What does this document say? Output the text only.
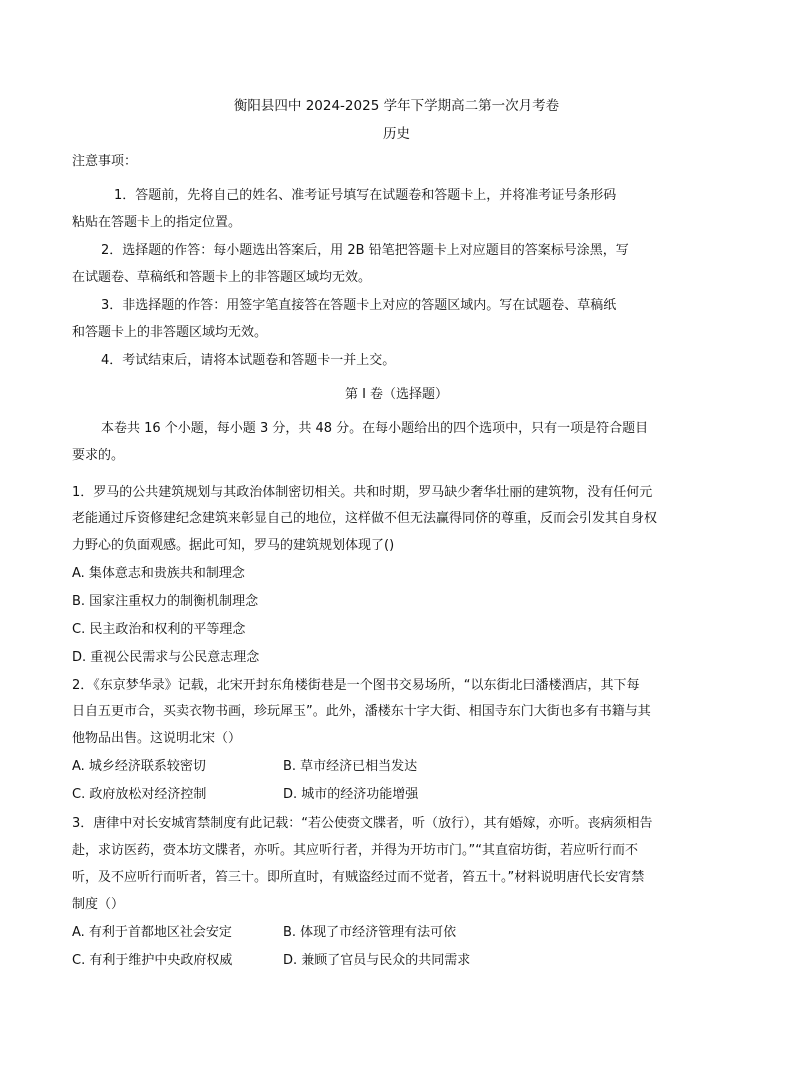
衡阳县四中 2024-2025 学年下学期高二第一次月考卷
历史
注意事项：
1．答题前，先将自己的姓名、准考证号填写在试题卷和答题卡上，并将准考证号条形码
粘贴在答题卡上的指定位置。
2．选择题的作答：每小题选出答案后，用 2B 铅笔把答题卡上对应题目的答案标号涂黑，写
在试题卷、草稿纸和答题卡上的非答题区域均无效。
3．非选择题的作答：用签字笔直接答在答题卡上对应的答题区域内。写在试题卷、草稿纸
和答题卡上的非答题区域均无效。
4．考试结束后，请将本试题卷和答题卡一并上交。
第 I 卷（选择题）
本卷共 16 个小题，每小题 3 分，共 48 分。在每小题给出的四个选项中，只有一项是符合题目
要求的。
1．罗马的公共建筑规划与其政治体制密切相关。共和时期，罗马缺少奢华壮丽的建筑物，没有任何元
老能通过斥资修建纪念建筑来彰显自己的地位，这样做不但无法赢得同侪的尊重，反而会引发其自身权
力野心的负面观感。据此可知，罗马的建筑规划体现了()
A. 集体意志和贵族共和制理念
B. 国家注重权力的制衡机制理念
C. 民主政治和权利的平等理念
D. 重视公民需求与公民意志理念
2．《东京梦华录》记载，北宋开封东角楼街巷是一个图书交易场所，“以东街北曰潘楼酒店，其下每
日自五更市合，买卖衣物书画，珍玩犀玉”。此外，潘楼东十字大街、相国寺东门大街也多有书籍与其
他物品出售。这说明北宋（）
A. 城乡经济联系较密切	B. 草市经济已相当发达
C. 政府放松对经济控制	D. 城市的经济功能增强
3．唐律中对长安城宵禁制度有此记载：“若公使赍文牒者，听（放行），其有婚嫁，亦听。丧病须相告
赴，求访医药，赍本坊文牒者，亦听。其应听行者，并得为开坊市门。”“其直宿坊街，若应听行而不
听，及不应听行而听者，笞三十。即所直时，有贼盗经过而不觉者，笞五十。”材料说明唐代长安宵禁
制度（）
A. 有利于首都地区社会安定	B. 体现了市经济管理有法可依
C. 有利于维护中央政府权威	D. 兼顾了官员与民众的共同需求
